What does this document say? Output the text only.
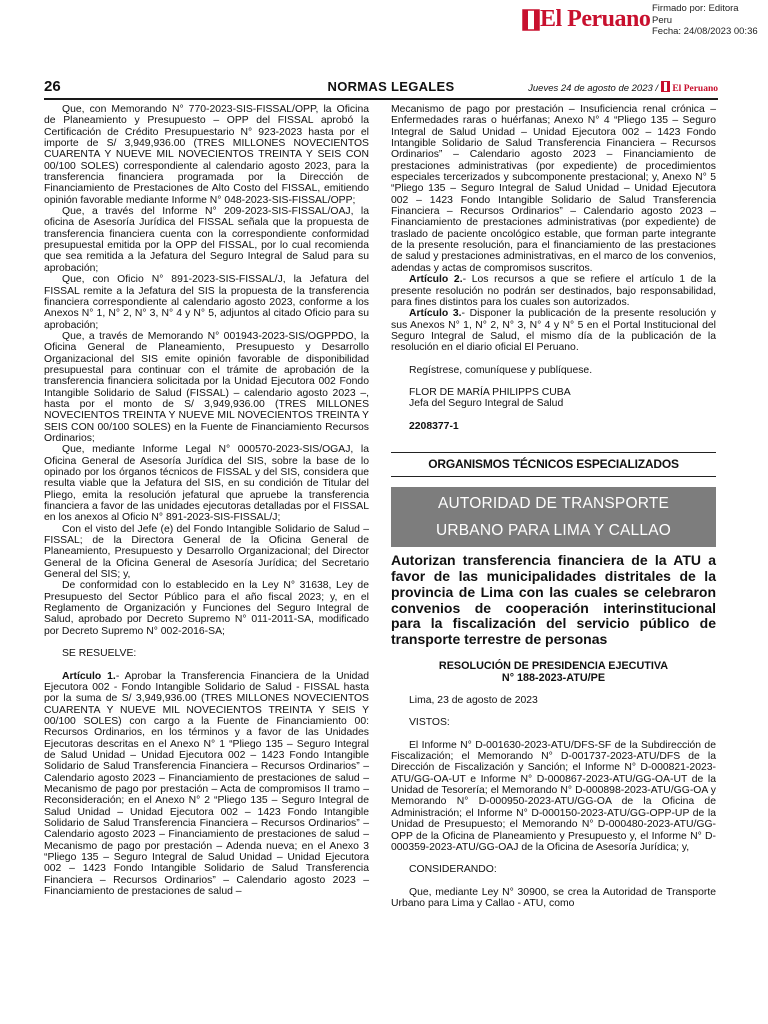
El Peruano Firmado por: Editora
Peru
Fecha: 24/08/2023 00:36
26	NORMAS LEGALES	Jueves 24 de agosto de 2023 / El Peruano

Que, con Memorando N° 770-2023-SIS-FISSAL/OPP, la Oficina de Planeamiento y Presupuesto – OPP del FISSAL aprobó la Certificación de Crédito Presupuestario N° 923-2023 hasta por el importe de S/ 3,949,936.00 (TRES MILLONES NOVECIENTOS CUARENTA Y NUEVE MIL NOVECIENTOS TREINTA Y SEIS CON 00/100 SOLES) correspondiente al calendario agosto 2023, para la transferencia financiera programada por la Dirección de Financiamiento de Prestaciones de Alto Costo del FISSAL, emitiendo opinión favorable mediante Informe N° 048-2023-SIS-FISSAL/OPP;

Que, a través del Informe N° 209-2023-SIS-FISSAL/OAJ, la oficina de Asesoría Jurídica del FISSAL señala que la propuesta de transferencia financiera cuenta con la correspondiente conformidad presupuestal emitida por la OPP del FISSAL, por lo cual recomienda que sea remitida a la Jefatura del Seguro Integral de Salud para su aprobación;

Que, con Oficio N° 891-2023-SIS-FISSAL/J, la Jefatura del FISSAL remite a la Jefatura del SIS la propuesta de la transferencia financiera correspondiente al calendario agosto 2023, conforme a los Anexos N° 1, N° 2, N° 3, N° 4 y N° 5, adjuntos al citado Oficio para su aprobación;

Que, a través de Memorando N° 001943-2023-SIS/OGPPDO, la Oficina General de Planeamiento, Presupuesto y Desarrollo Organizacional del SIS emite opinión favorable de disponibilidad presupuestal para continuar con el trámite de aprobación de la transferencia financiera solicitada por la Unidad Ejecutora 002 Fondo Intangible Solidario de Salud (FISSAL) – calendario agosto 2023 –, hasta por el monto de S/ 3,949,936.00 (TRES MILLONES NOVECIENTOS TREINTA Y NUEVE MIL NOVECIENTOS TREINTA Y SEIS CON 00/100 SOLES) en la Fuente de Financiamiento Recursos Ordinarios;

Que, mediante Informe Legal N° 000570-2023-SIS/OGAJ, la Oficina General de Asesoría Jurídica del SIS, sobre la base de lo opinado por los órganos técnicos de FISSAL y del SIS, considera que resulta viable que la Jefatura del SIS, en su condición de Titular del Pliego, emita la resolución jefatural que apruebe la transferencia financiera a favor de las unidades ejecutoras detalladas por el FISSAL en los anexos al Oficio N° 891-2023-SIS-FISSAL/J;

Con el visto del Jefe (e) del Fondo Intangible Solidario de Salud – FISSAL; de la Directora General de la Oficina General de Planeamiento, Presupuesto y Desarrollo Organizacional; del Director General de la Oficina General de Asesoría Jurídica; del Secretario General del SIS; y,

De conformidad con lo establecido en la Ley N° 31638, Ley de Presupuesto del Sector Público para el año fiscal 2023; y, en el Reglamento de Organización y Funciones del Seguro Integral de Salud, aprobado por Decreto Supremo N° 011-2011-SA, modificado por Decreto Supremo N° 002-2016-SA;

SE RESUELVE:

Artículo 1.- Aprobar la Transferencia Financiera de la Unidad Ejecutora 002 - Fondo Intangible Solidario de Salud - FISSAL hasta por la suma de S/ 3,949,936.00 (TRES MILLONES NOVECIENTOS CUARENTA Y NUEVE MIL NOVECIENTOS TREINTA Y SEIS Y 00/100 SOLES) con cargo a la Fuente de Financiamiento 00: Recursos Ordinarios, en los términos y a favor de las Unidades Ejecutoras descritas en el Anexo N° 1 “Pliego 135 – Seguro Integral de Salud Unidad – Unidad Ejecutora 002 – 1423 Fondo Intangible Solidario de Salud Transferencia Financiera – Recursos Ordinarios” – Calendario agosto 2023 – Financiamiento de prestaciones de salud – Mecanismo de pago por prestación – Acta de compromisos II tramo – Reconsideración; en el Anexo N° 2 “Pliego 135 – Seguro Integral de Salud Unidad – Unidad Ejecutora 002 – 1423 Fondo Intangible Solidario de Salud Transferencia Financiera – Recursos Ordinarios” – Calendario agosto 2023 – Financiamiento de prestaciones de salud – Mecanismo de pago por prestación – Adenda nueva; en el Anexo 3 “Pliego 135 – Seguro Integral de Salud Unidad – Unidad Ejecutora 002 – 1423 Fondo Intangible Solidario de Salud Transferencia Financiera – Recursos Ordinarios” – Calendario agosto 2023 – Financiamiento de prestaciones de salud –

Mecanismo de pago por prestación – Insuficiencia renal crónica – Enfermedades raras o huérfanas; Anexo N° 4 “Pliego 135 – Seguro Integral de Salud Unidad – Unidad Ejecutora 002 – 1423 Fondo Intangible Solidario de Salud Transferencia Financiera – Recursos Ordinarios” – Calendario agosto 2023 – Financiamiento de prestaciones administrativas (por expediente) de procedimientos especiales tercerizados y subcomponente prestacional; y, Anexo N° 5 “Pliego 135 – Seguro Integral de Salud Unidad – Unidad Ejecutora 002 – 1423 Fondo Intangible Solidario de Salud Transferencia Financiera – Recursos Ordinarios” – Calendario agosto 2023 – Financiamiento de prestaciones administrativas (por expediente) de traslado de paciente oncológico estable, que forman parte integrante de la presente resolución, para el financiamiento de las prestaciones de salud y prestaciones administrativas, en el marco de los convenios, adendas y actas de compromisos suscritos.

Artículo 2.- Los recursos a que se refiere el artículo 1 de la presente resolución no podrán ser destinados, bajo responsabilidad, para fines distintos para los cuales son autorizados.

Artículo 3.- Disponer la publicación de la presente resolución y sus Anexos N° 1, N° 2, N° 3, N° 4 y N° 5 en el Portal Institucional del Seguro Integral de Salud, el mismo día de la publicación de la resolución en el diario oficial El Peruano.

Regístrese, comuníquese y publíquese.

FLOR DE MARÍA PHILIPPS CUBA

Jefa del Seguro Integral de Salud

2208377-1

ORGANISMOS TÉCNICOS ESPECIALIZADOS
AUTORIDAD DE TRANSPORTE
URBANO PARA LIMA Y CALLAO
Autorizan transferencia financiera de la ATU a favor de las municipalidades distritales de la provincia de Lima con las cuales se celebraron convenios de cooperación interinstitucional para la fiscalización del servicio público de transporte terrestre de personas
RESOLUCIÓN DE PRESIDENCIA EJECUTIVA
N° 188-2023-ATU/PE

Lima, 23 de agosto de 2023

VISTOS:

El Informe N° D-001630-2023-ATU/DFS-SF de la Subdirección de Fiscalización; el Memorando N° D-001737-2023-ATU/DFS de la Dirección de Fiscalización y Sanción; el Informe N° D-000821-2023-ATU/GG-OA-UT e Informe N° D-000867-2023-ATU/GG-OA-UT de la Unidad de Tesorería; el Memorando N° D-000898-2023-ATU/GG-OA y Memorando N° D-000950-2023-ATU/GG-OA de la Oficina de Administración; el Informe N° D-000150-2023-ATU/GG-OPP-UP de la Unidad de Presupuesto; el Memorando N° D-000480-2023-ATU/GG-OPP de la Oficina de Planeamiento y Presupuesto y, el Informe N° D-000359-2023-ATU/GG-OAJ de la Oficina de Asesoría Jurídica; y,

CONSIDERANDO:

Que, mediante Ley N° 30900, se crea la Autoridad de Transporte Urbano para Lima y Callao - ATU, como
